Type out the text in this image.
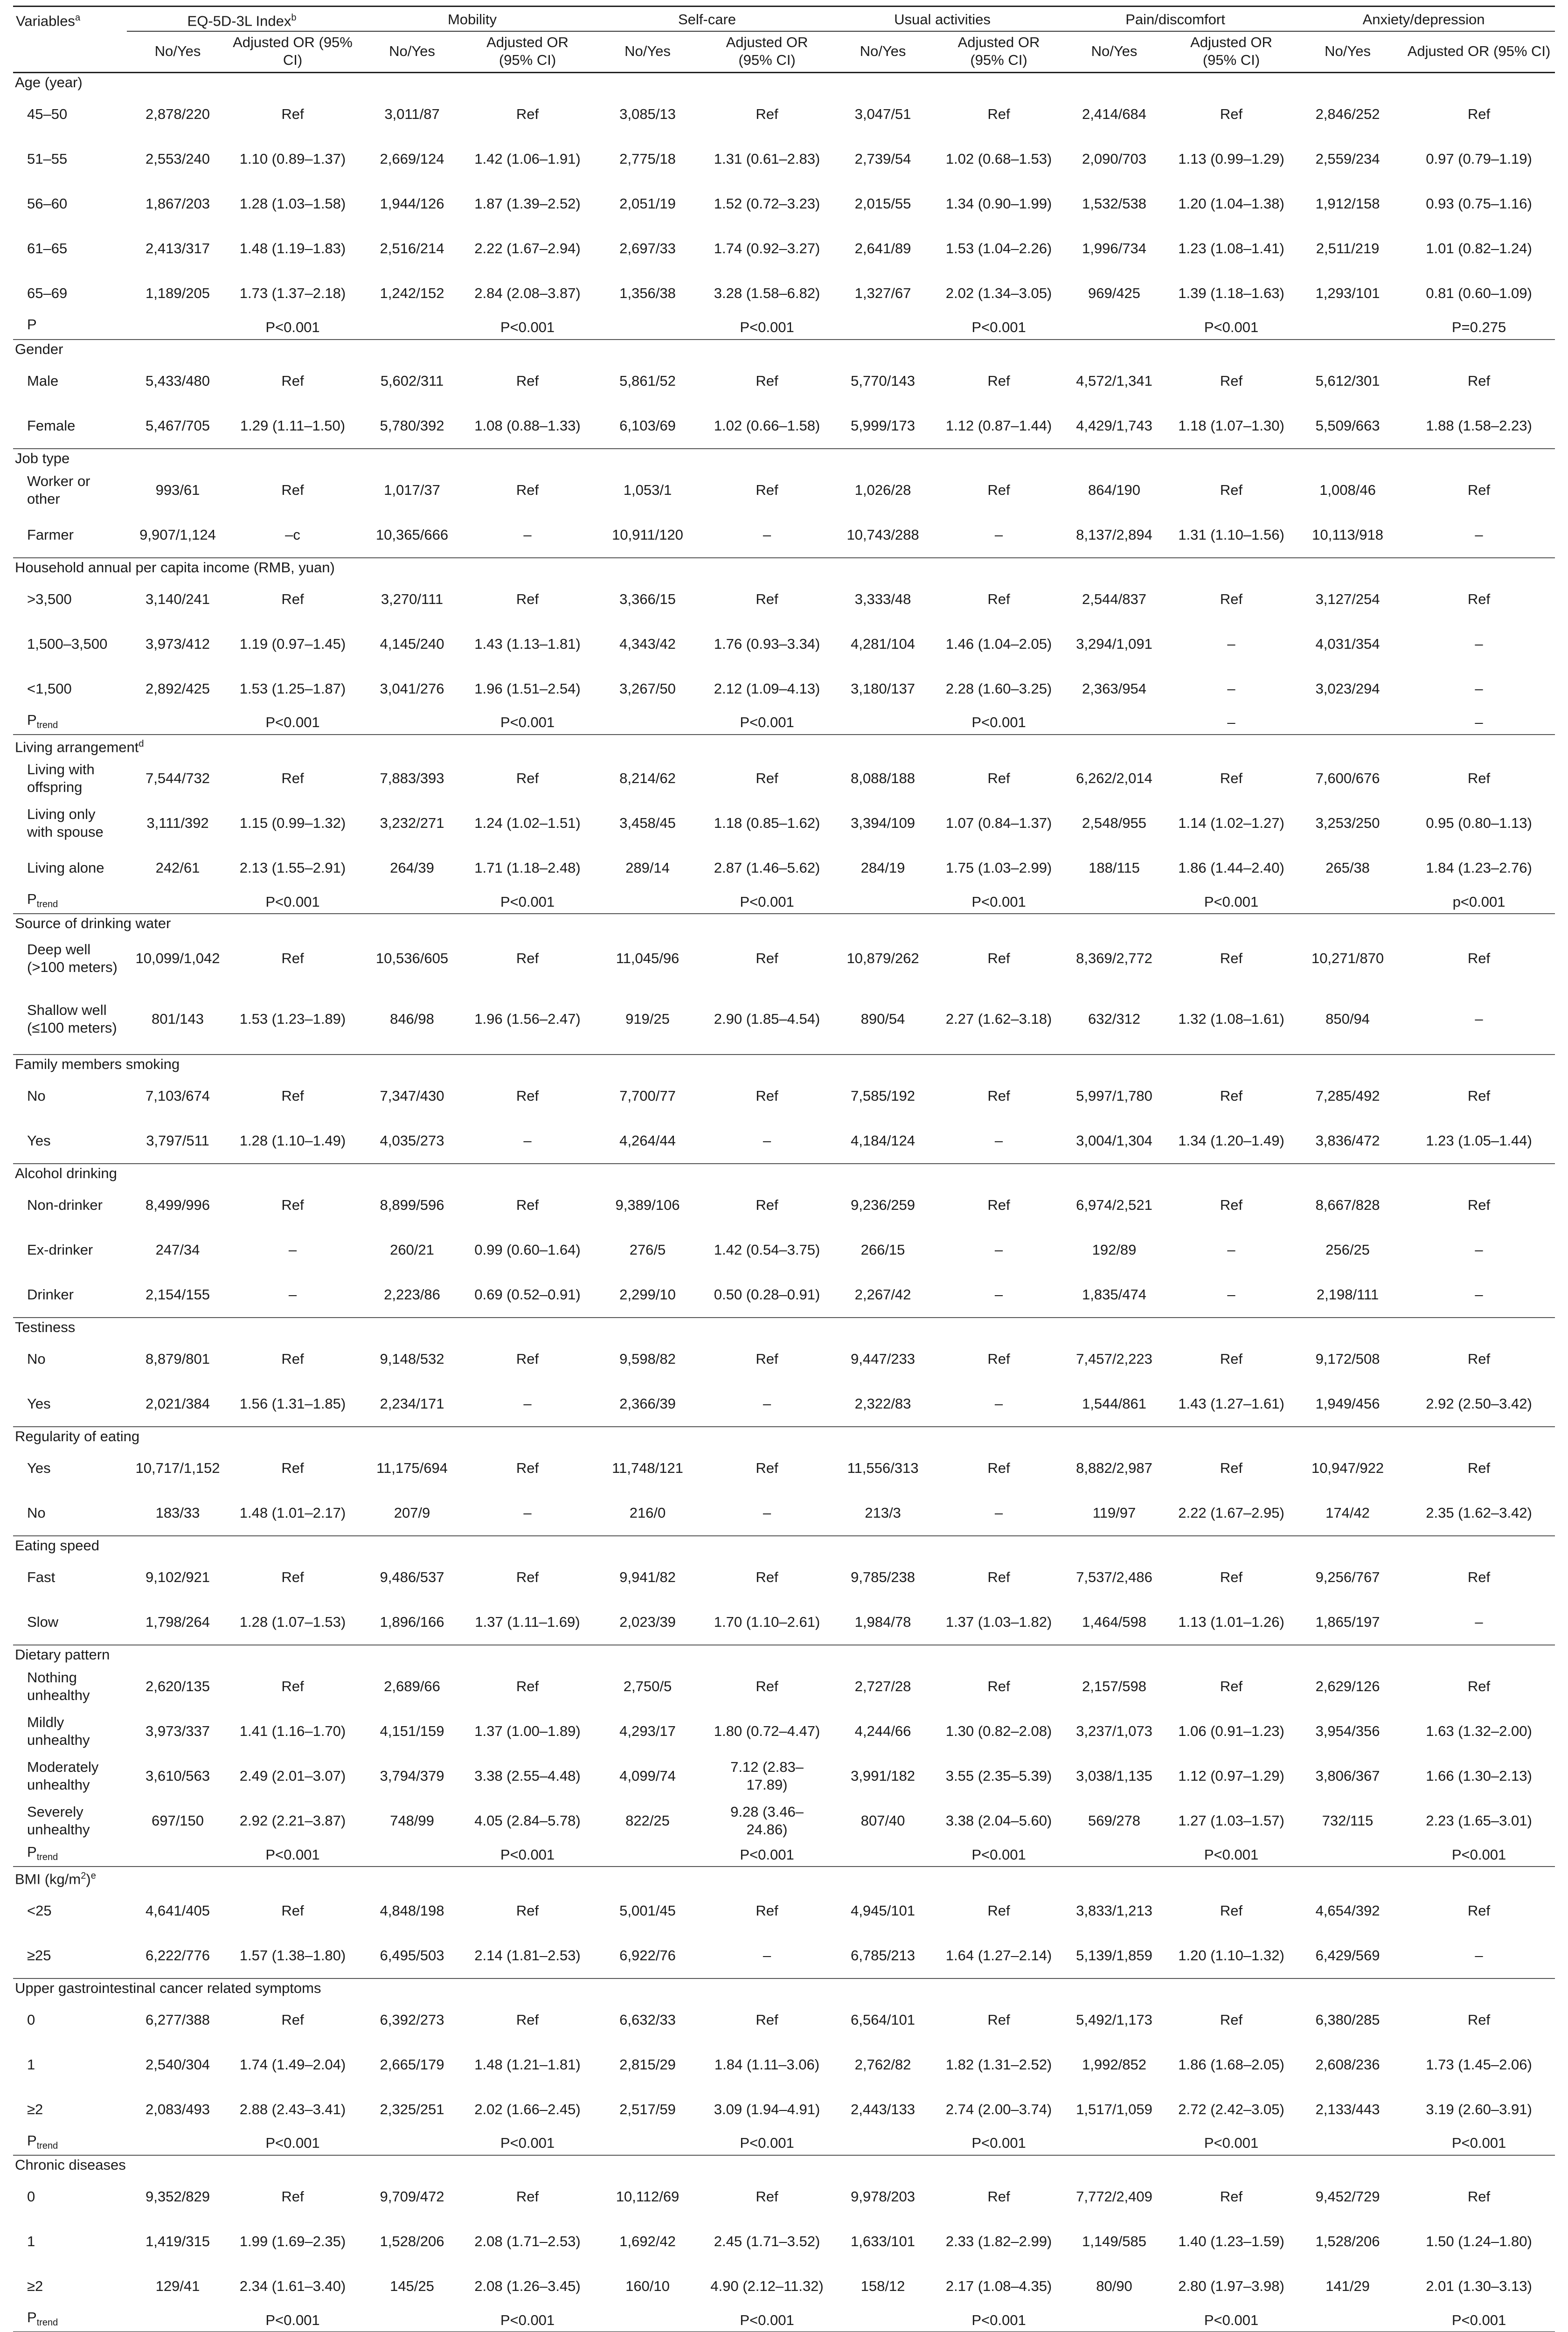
Variables$^a$	EQ-5D-3L Index$^b$		Mobility		Self-care		Usual activities		Pain/discomfort		Anxiety/depression	
	No/Yes	Adjusted OR (95% CI)	No/Yes	Adjusted OR (95% CI)	No/Yes	Adjusted OR (95% CI)	No/Yes	Adjusted OR (95% CI)	No/Yes	Adjusted OR (95% CI)	No/Yes	Adjusted OR (95% CI)
Age (year)												
45–50	2,878/220	Ref	3,011/87	Ref	3,085/13	Ref	3,047/51	Ref	2,414/684	Ref	2,846/252	Ref
51–55	2,553/240	1.10 (0.89–1.37)	2,669/124	1.42 (1.06–1.91)	2,775/18	1.31 (0.61–2.83)	2,739/54	1.02 (0.68–1.53)	2,090/703	1.13 (0.99–1.29)	2,559/234	0.97 (0.79–1.19)
56–60	1,867/203	1.28 (1.03–1.58)	1,944/126	1.87 (1.39–2.52)	2,051/19	1.52 (0.72–3.23)	2,015/55	1.34 (0.90–1.99)	1,532/538	1.20 (1.04–1.38)	1,912/158	0.93 (0.75–1.16)
61–65	2,413/317	1.48 (1.19–1.83)	2,516/214	2.22 (1.67–2.94)	2,697/33	1.74 (0.92–3.27)	2,641/89	1.53 (1.04–2.26)	1,996/734	1.23 (1.08–1.41)	2,511/219	1.01 (0.82–1.24)
65–69	1,189/205	1.73 (1.37–2.18)	1,242/152	2.84 (2.08–3.87)	1,356/38	3.28 (1.58–6.82)	1,327/67	2.02 (1.34–3.05)	969/425	1.39 (1.18–1.63)	1,293/101	0.81 (0.60–1.09)
P		P<0.001		P<0.001		P<0.001		P<0.001		P<0.001		P=0.275
Gender												
Male	5,433/480	Ref	5,602/311	Ref	5,861/52	Ref	5,770/143	Ref	4,572/1,341	Ref	5,612/301	Ref
Female	5,467/705	1.29 (1.11–1.50)	5,780/392	1.08 (0.88–1.33)	6,103/69	1.02 (0.66–1.58)	5,999/173	1.12 (0.87–1.44)	4,429/1,743	1.18 (1.07–1.30)	5,509/663	1.88 (1.58–2.23)
Job type												
Worker or other	993/61	Ref	1,017/37	Ref	1,053/1	Ref	1,026/28	Ref	864/190	Ref	1,008/46	Ref
Farmer	9,907/1,124	–c	10,365/666	–	10,911/120	–	10,743/288	–	8,137/2,894	1.31 (1.10–1.56)	10,113/918	–
Household annual per capita income (RMB, yuan)												
>3,500	3,140/241	Ref	3,270/111	Ref	3,366/15	Ref	3,333/48	Ref	2,544/837	Ref	3,127/254	Ref
1,500–3,500	3,973/412	1.19 (0.97–1.45)	4,145/240	1.43 (1.13–1.81)	4,343/42	1.76 (0.93–3.34)	4,281/104	1.46 (1.04–2.05)	3,294/1,091	–	4,031/354	–
<1,500	2,892/425	1.53 (1.25–1.87)	3,041/276	1.96 (1.51–2.54)	3,267/50	2.12 (1.09–4.13)	3,180/137	2.28 (1.60–3.25)	2,363/954	–	3,023/294	–
$P_{trend}$		P<0.001		P<0.001		P<0.001		P<0.001		–		–
Living arrangement$^d$
Living with offspring	7,544/732	Ref	7,883/393	Ref	8,214/62	Ref	8,088/188	Ref	6,262/2,014	Ref	7,600/676	Ref
Living only with spouse	3,111/392	1.15 (0.99–1.32)	3,232/271	1.24 (1.02–1.51)	3,458/45	1.18 (0.85–1.62)	3,394/109	1.07 (0.84–1.37)	2,548/955	1.14 (1.02–1.27)	3,253/250	0.95 (0.80–1.13)
Living alone	242/61	2.13 (1.55–2.91)	264/39	1.71 (1.18–2.48)	289/14	2.87 (1.46–5.62)	284/19	1.75 (1.03–2.99)	188/115	1.86 (1.44–2.40)	265/38	1.84 (1.23–2.76)
$P_{trend}$		P<0.001		P<0.001		P<0.001		P<0.001		P<0.001		p<0.001
Source of drinking water												
Deep well (>100 meters)	10,099/1,042	Ref	10,536/605	Ref	11,045/96	Ref	10,879/262	Ref	8,369/2,772	Ref	10,271/870	Ref
Shallow well (≤100 meters)	801/143	1.53 (1.23–1.89)	846/98	1.96 (1.56–2.47)	919/25	2.90 (1.85–4.54)	890/54	2.27 (1.62–3.18)	632/312	1.32 (1.08–1.61)	850/94	–
Family members smoking												
No	7,103/674	Ref	7,347/430	Ref	7,700/77	Ref	7,585/192	Ref	5,997/1,780	Ref	7,285/492	Ref
Yes	3,797/511	1.28 (1.10–1.49)	4,035/273	–	4,264/44	–	4,184/124	–	3,004/1,304	1.34 (1.20–1.49)	3,836/472	1.23 (1.05–1.44)
Alcohol drinking												
Non-drinker	8,499/996	Ref	8,899/596	Ref	9,389/106	Ref	9,236/259	Ref	6,974/2,521	Ref	8,667/828	Ref
Ex-drinker	247/34	–	260/21	0.99 (0.60–1.64)	276/5	1.42 (0.54–3.75)	266/15	–	192/89	–	256/25	–
Drinker	2,154/155	–	2,223/86	0.69 (0.52–0.91)	2,299/10	0.50 (0.28–0.91)	2,267/42	–	1,835/474	–	2,198/111	–
Testiness												
No	8,879/801	Ref	9,148/532	Ref	9,598/82	Ref	9,447/233	Ref	7,457/2,223	Ref	9,172/508	Ref
Yes	2,021/384	1.56 (1.31–1.85)	2,234/171	–	2,366/39	–	2,322/83	–	1,544/861	1.43 (1.27–1.61)	1,949/456	2.92 (2.50–3.42)
Regularity of eating												
Yes	10,717/1,152	Ref	11,175/694	Ref	11,748/121	Ref	11,556/313	Ref	8,882/2,987	Ref	10,947/922	Ref
No	183/33	1.48 (1.01–2.17)	207/9	–	216/0	–	213/3	–	119/97	2.22 (1.67–2.95)	174/42	2.35 (1.62–3.42)
Eating speed												
Fast	9,102/921	Ref	9,486/537	Ref	9,941/82	Ref	9,785/238	Ref	7,537/2,486	Ref	9,256/767	Ref
Slow	1,798/264	1.28 (1.07–1.53)	1,896/166	1.37 (1.11–1.69)	2,023/39	1.70 (1.10–2.61)	1,984/78	1.37 (1.03–1.82)	1,464/598	1.13 (1.01–1.26)	1,865/197	–
Dietary pattern												
Nothing unhealthy	2,620/135	Ref	2,689/66	Ref	2,750/5	Ref	2,727/28	Ref	2,157/598	Ref	2,629/126	Ref
Mildly unhealthy	3,973/337	1.41 (1.16–1.70)	4,151/159	1.37 (1.00–1.89)	4,293/17	1.80 (0.72–4.47)	4,244/66	1.30 (0.82–2.08)	3,237/1,073	1.06 (0.91–1.23)	3,954/356	1.63 (1.32–2.00)
Moderately unhealthy	3,610/563	2.49 (2.01–3.07)	3,794/379	3.38 (2.55–4.48)	4,099/74	7.12 (2.83–17.89)	3,991/182	3.55 (2.35–5.39)	3,038/1,135	1.12 (0.97–1.29)	3,806/367	1.66 (1.30–2.13)
Severely unhealthy	697/150	2.92 (2.21–3.87)	748/99	4.05 (2.84–5.78)	822/25	9.28 (3.46–24.86)	807/40	3.38 (2.04–5.60)	569/278	1.27 (1.03–1.57)	732/115	2.23 (1.65–3.01)
$P_{trend}$		P<0.001		P<0.001		P<0.001		P<0.001		P<0.001		P<0.001
BMI $(kg/m^2)^e$
<25	4,641/405	Ref	4,848/198	Ref	5,001/45	Ref	4,945/101	Ref	3,833/1,213	Ref	4,654/392	Ref
≥25	6,222/776	1.57 (1.38–1.80)	6,495/503	2.14 (1.81–2.53)	6,922/76	–	6,785/213	1.64 (1.27–2.14)	5,139/1,859	1.20 (1.10–1.32)	6,429/569	–
Upper gastrointestinal cancer related symptoms												
0	6,277/388	Ref	6,392/273	Ref	6,632/33	Ref	6,564/101	Ref	5,492/1,173	Ref	6,380/285	Ref
1	2,540/304	1.74 (1.49–2.04)	2,665/179	1.48 (1.21–1.81)	2,815/29	1.84 (1.11–3.06)	2,762/82	1.82 (1.31–2.52)	1,992/852	1.86 (1.68–2.05)	2,608/236	1.73 (1.45–2.06)
≥2	2,083/493	2.88 (2.43–3.41)	2,325/251	2.02 (1.66–2.45)	2,517/59	3.09 (1.94–4.91)	2,443/133	2.74 (2.00–3.74)	1,517/1,059	2.72 (2.42–3.05)	2,133/443	3.19 (2.60–3.91)
$P_{trend}$		P<0.001		P<0.001		P<0.001		P<0.001		P<0.001		P<0.001
Chronic diseases												
0	9,352/829	Ref	9,709/472	Ref	10,112/69	Ref	9,978/203	Ref	7,772/2,409	Ref	9,452/729	Ref
1	1,419/315	1.99 (1.69–2.35)	1,528/206	2.08 (1.71–2.53)	1,692/42	2.45 (1.71–3.52)	1,633/101	2.33 (1.82–2.99)	1,149/585	1.40 (1.23–1.59)	1,528/206	1.50 (1.24–1.80)
≥2	129/41	2.34 (1.61–3.40)	145/25	2.08 (1.26–3.45)	160/10	4.90 (2.12–11.32)	158/12	2.17 (1.08–4.35)	80/90	2.80 (1.97–3.98)	141/29	2.01 (1.30–3.13)
$P_{trend}$		P<0.001		P<0.001		P<0.001		P<0.001		P<0.001		P<0.001
